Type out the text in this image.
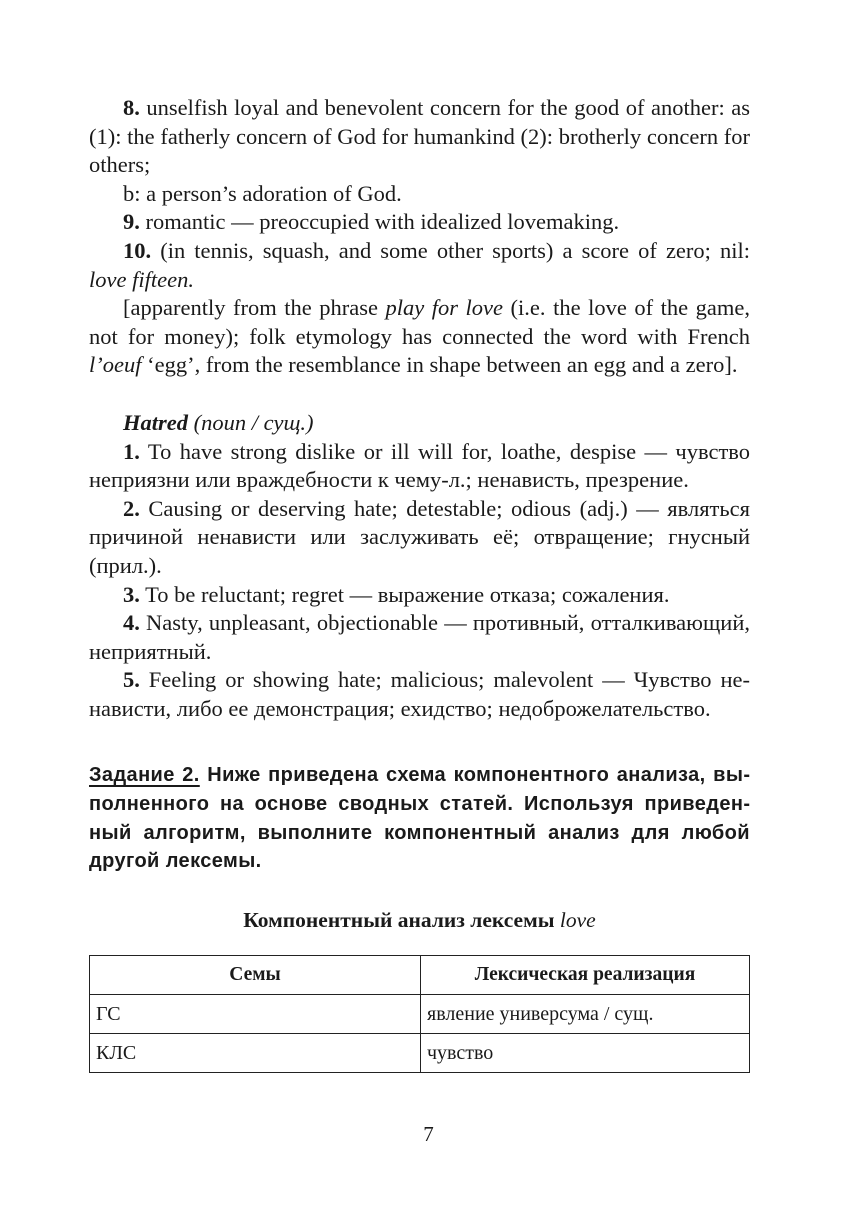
8. unselfish loyal and benevolent concern for the good of another: as (1): the fatherly concern of God for humankind (2): brotherly concern for others;

b: a person’s adoration of God.

9. romantic — preoccupied with idealized lovemaking.

10. (in tennis, squash, and some other sports) a score of zero; nil: love fifteen.

[apparently from the phrase play for love (i.e. the love of the game, not for money); folk etymology has connected the word with French l’oeuf ‘egg’, from the resemblance in shape between an egg and a zero].

Hatred (noun / сущ.)

1. To have strong dislike or ill will for, loathe, despise — чувство неприязни или враждебности к чему-л.; ненависть, презрение.

2. Causing or deserving hate; detestable; odious (adj.) — являться причиной ненависти или заслуживать её; отвращение; гнусный (прил.).

3. To be reluctant; regret — выражение отказа; сожаления.

4. Nasty, unpleasant, objectionable — противный, отталкивающий, неприятный.

5. Feeling or showing hate; malicious; malevolent — Чувство ненависти, либо ее демонстрация; ехидство; недоброжелательство.

Задание 2. Ниже приведена схема компонентного анализа, выполненного на основе сводных статей. Используя приведенный алгоритм, выполните компонентный анализ для любой другой лексемы.
Компонентный анализ лексемы love
Семы	Лексическая реализация
ГС	явление универсума / сущ.
КЛС	чувство
7
